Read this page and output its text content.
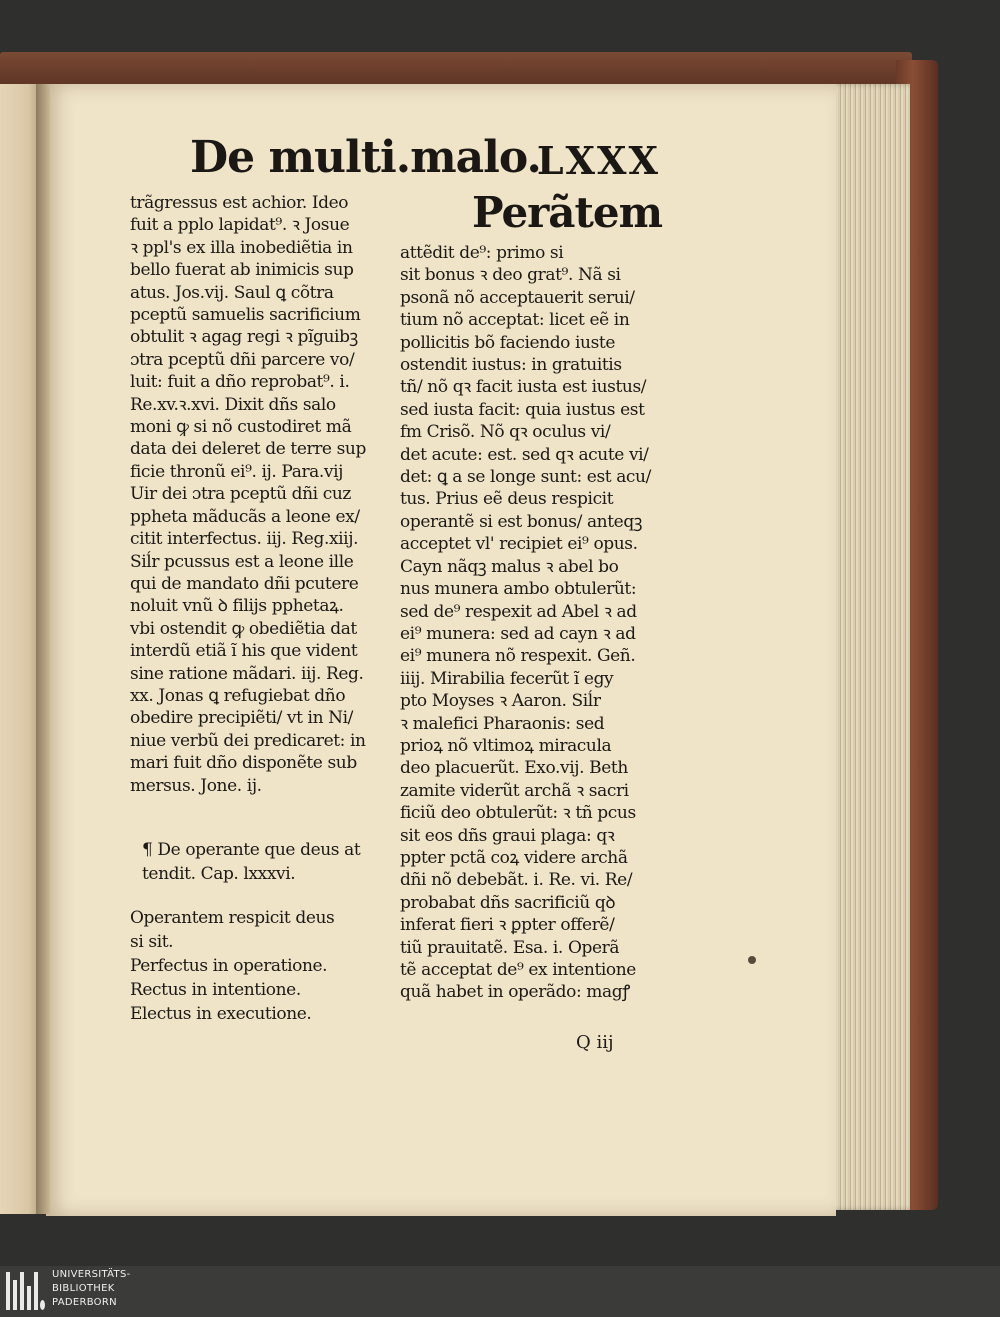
De multi.malo.
LXXX
Perãtem
trãgressus est achior. Ideo
fuit a pplo lapidat⁹. ꝛ Josue
ꝛ ppl's ex illa inobediẽtia in
bello fuerat ab inimicis sup
atus. Jos.vij. Saul ꝗ cõtra
pceptũ samuelis sacrificium
obtulit ꝛ agag regi ꝛ pĩguibꝫ
ɔtra pceptũ dñi parcere vo/
luit: fuit a dño reprobat⁹. i.
Re.xv.ꝛ.xvi. Dixit dñs salo
moni ꝙ si nõ custodiret mã
data dei deleret de terre sup
ficie thronũ ei⁹. ij. Para.vij
Uir dei ɔtra pceptũ dñi cuz
ppheta mãducãs a leone ex/
citit interfectus. iij. Reg.xiij.
Siĺr pcussus est a leone ille
qui de mandato dñi pcutere
noluit vnũ ꝺ filijs pphetaꝝ.
vbi ostendit ꝙ obediẽtia dat
interdũ etiã ĩ his que vident
sine ratione mãdari. iij. Reg.
xx. Jonas ꝗ refugiebat dño
obedire precipiẽti/ vt in Ni/
niue verbũ dei predicaret: in
mari fuit dño disponẽte sub
mersus. Jone. ij.
¶ De operante que deus at
tendit. Cap. lxxxvi.
Operantem respicit deus
si sit.
Perfectus in operatione.
Rectus in intentione.
Electus in executione.
attẽdit de⁹: primo si
sit bonus ꝛ deo grat⁹. Nã si
psonã nõ acceptauerit serui/
tium nõ acceptat: licet eẽ in
pollicitis bõ faciendo iuste
ostendit iustus: in gratuitis
tñ/ nõ qꝛ facit iusta est iustus/
sed iusta facit: quia iustus est
fm Crisõ. Nõ qꝛ oculus vi/
det acute: est. sed qꝛ acute vi/
det: ꝗ a se longe sunt: est acu/
tus. Prius eẽ deus respicit
operantẽ si est bonus/ anteqꝫ
acceptet vl' recipiet ei⁹ opus.
Cayn nãqꝫ malus ꝛ abel bo
nus munera ambo obtulerũt:
sed de⁹ respexit ad Abel ꝛ ad
ei⁹ munera: sed ad cayn ꝛ ad
ei⁹ munera nõ respexit. Geñ.
iiij. Mirabilia fecerũt ĩ egy
pto Moyses ꝛ Aaron. Siĺr
ꝛ malefici Pharaonis: sed
prioꝝ nõ vltimoꝝ miracula
deo placuerũt. Exo.vij. Beth
zamite viderũt archã ꝛ sacri
ficiũ deo obtulerũt: ꝛ tñ pcus
sit eos dñs graui plaga: qꝛ
ppter pctã coꝝ videre archã
dñi nõ debebãt. i. Re. vi. Re/
probabat dñs sacrificiũ qꝺ
inferat fieri ꝛ ꝑpter offerẽ/
tiũ prauitatẽ. Esa. i. Operã
tẽ acceptat de⁹ ex intentione
quã habet in operãdo: magꝭ
Q iij
UNIVERSITÄTS-
BIBLIOTHEK
PADERBORN
